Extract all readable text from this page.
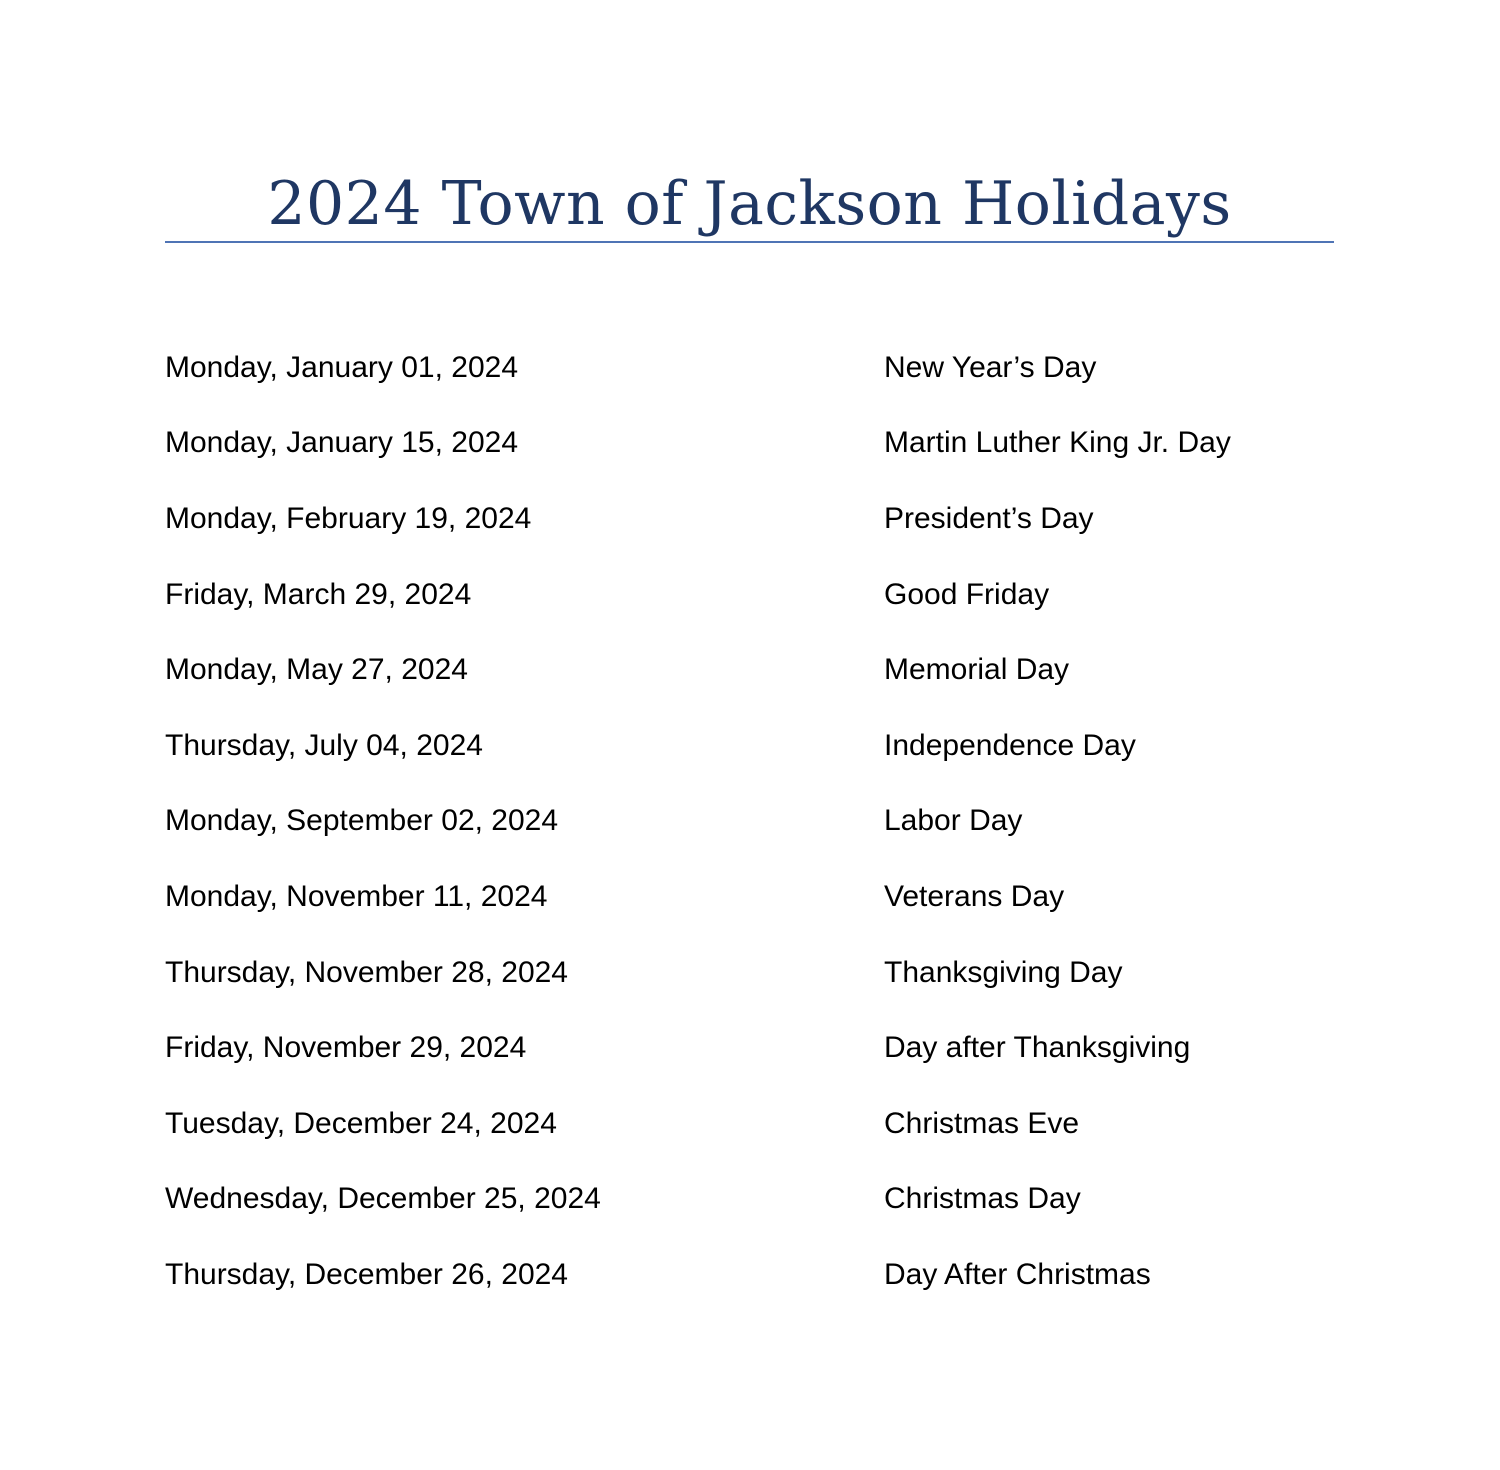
2024 Town of Jackson Holidays
Monday, January 01, 2024	New Year’s Day
Monday, January 15, 2024	Martin Luther King Jr. Day
Monday, February 19, 2024	President’s Day
Friday, March 29, 2024	Good Friday
Monday, May 27, 2024	Memorial Day
Thursday, July 04, 2024	Independence Day
Monday, September 02, 2024	Labor Day
Monday, November 11, 2024	Veterans Day
Thursday, November 28, 2024	Thanksgiving Day
Friday, November 29, 2024	Day after Thanksgiving
Tuesday, December 24, 2024	Christmas Eve
Wednesday, December 25, 2024	Christmas Day
Thursday, December 26, 2024	Day After Christmas
